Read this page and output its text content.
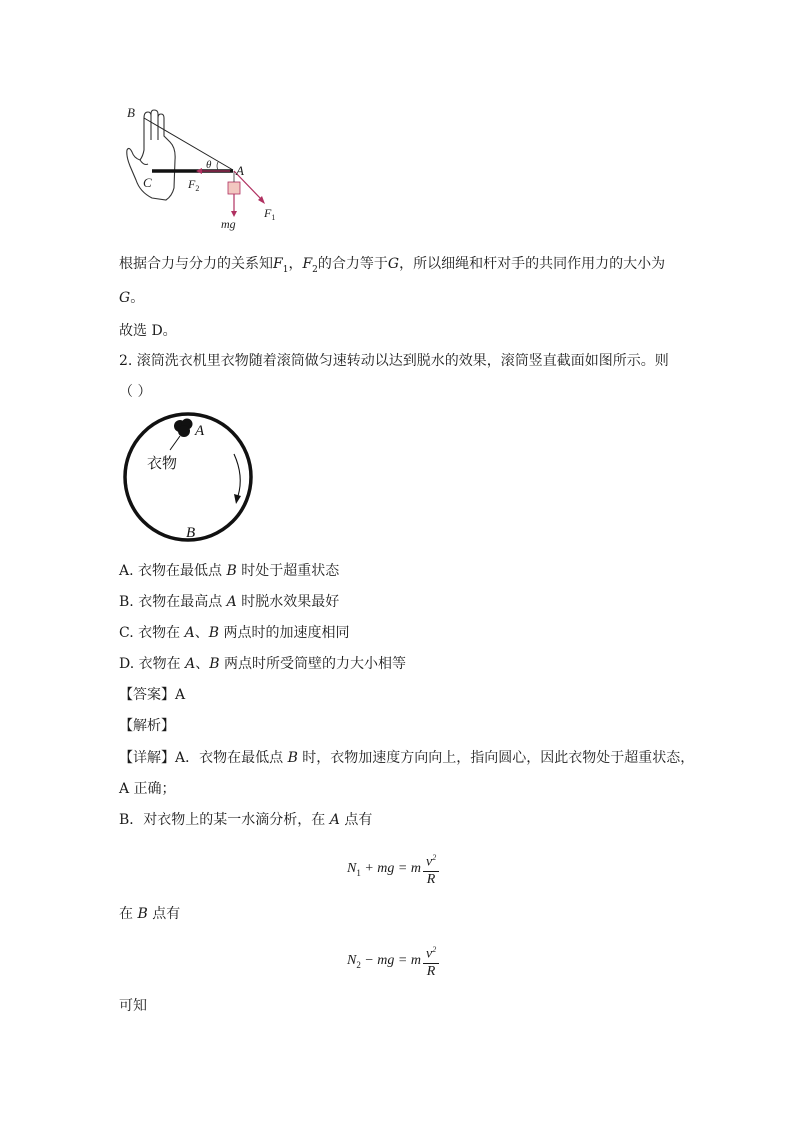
B
C
A
θ
$F_2$
$F_1$
mg
根据合力与分力的关系知$F_1$，$F_2$的合力等于G，所以细绳和杆对手的共同作用力的大小为
G。
故选 D。
2. 滚筒洗衣机里衣物随着滚筒做匀速转动以达到脱水的效果，滚筒竖直截面如图所示。则
（ ）
A
衣物
B
A. 衣物在最低点 B 时处于超重状态
B. 衣物在最高点 A 时脱水效果最好
C. 衣物在 A、B 两点时的加速度相同
D. 衣物在 A、B 两点时所受筒壁的力大小相等
【答案】A
【解析】
【详解】A．衣物在最低点 B 时，衣物加速度方向向上，指向圆心，因此衣物处于超重状态，
A 正确；
B．对衣物上的某一水滴分析，在 A 点有
$N_1$ + mg = m $\frac{v^2}{R}$
在 B 点有
$N_2$ − mg = m $\frac{v^2}{R}$
可知
